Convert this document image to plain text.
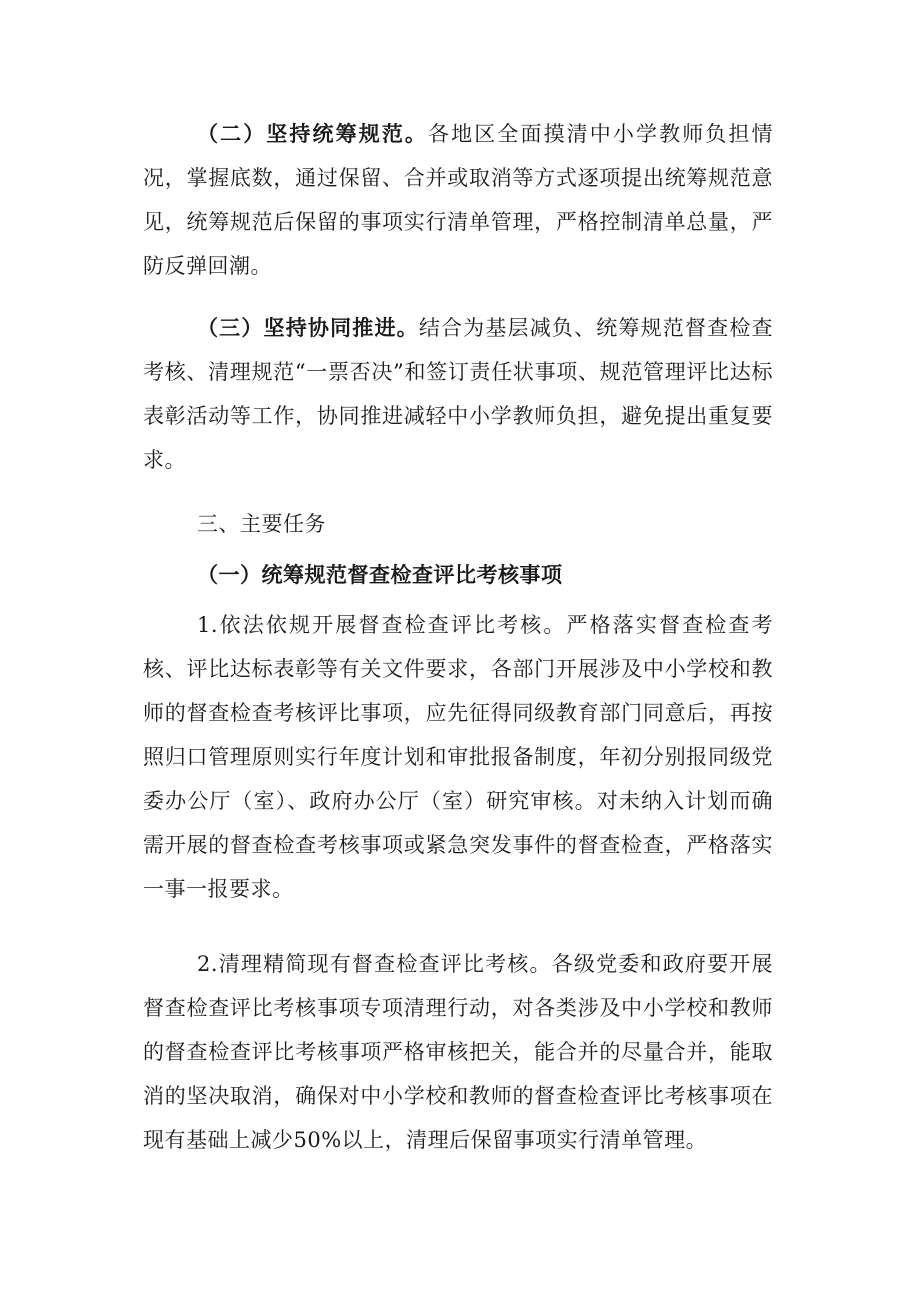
（二）坚持统筹规范。各地区全面摸清中小学教师负担情况，掌握底数，通过保留、合并或取消等方式逐项提出统筹规范意见，统筹规范后保留的事项实行清单管理，严格控制清单总量，严防反弹回潮。

（三）坚持协同推进。结合为基层减负、统筹规范督查检查考核、清理规范“一票否决”和签订责任状事项、规范管理评比达标表彰活动等工作，协同推进减轻中小学教师负担，避免提出重复要求。

三、主要任务

（一）统筹规范督查检查评比考核事项

1.依法依规开展督查检查评比考核。严格落实督查检查考核、评比达标表彰等有关文件要求，各部门开展涉及中小学校和教师的督查检查考核评比事项，应先征得同级教育部门同意后，再按照归口管理原则实行年度计划和审批报备制度，年初分别报同级党委办公厅（室）、政府办公厅（室）研究审核。对未纳入计划而确需开展的督查检查考核事项或紧急突发事件的督查检查，严格落实一事一报要求。

2.清理精简现有督查检查评比考核。各级党委和政府要开展督查检查评比考核事项专项清理行动，对各类涉及中小学校和教师的督查检查评比考核事项严格审核把关，能合并的尽量合并，能取消的坚决取消，确保对中小学校和教师的督查检查评比考核事项在现有基础上减少50%以上，清理后保留事项实行清单管理。
